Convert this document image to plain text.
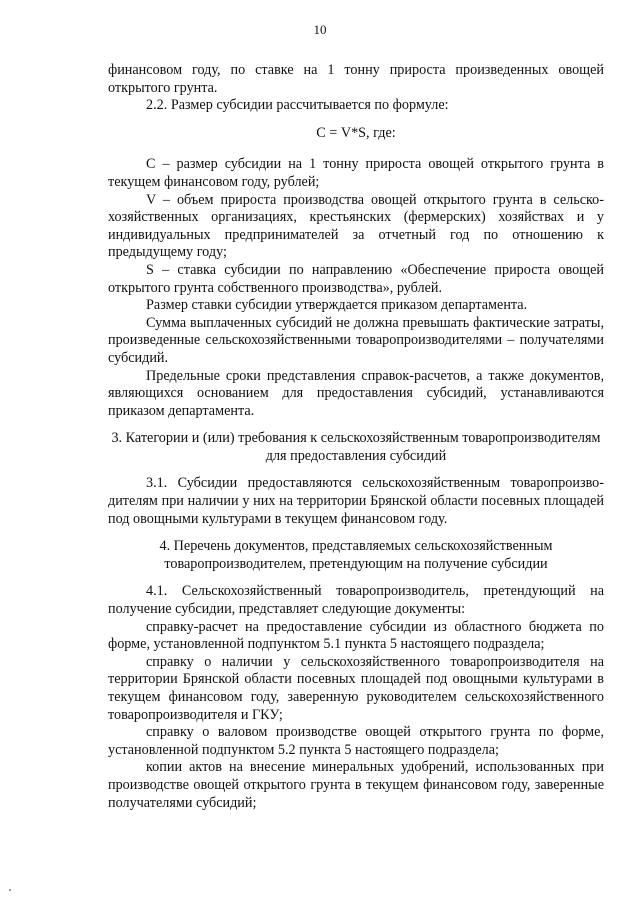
10

финансовом году, по ставке на 1 тонну прироста произведенных овощей открытого грунта.

2.2. Размер субсидии рассчитывается по формуле:

С = V*S, где:

С – размер субсидии на 1 тонну прироста овощей открытого грунта в текущем финансовом году, рублей;

V – объем прироста производства овощей открытого грунта в сельско-хозяйственных организациях, крестьянских (фермерских) хозяйствах и у индивидуальных предпринимателей за отчетный год по отношению к предыдущему году;

S – ставка субсидии по направлению «Обеспечение прироста овощей открытого грунта собственного производства», рублей.

Размер ставки субсидии утверждается приказом департамента.

Сумма выплаченных субсидий не должна превышать фактические затраты, произведенные сельскохозяйственными товаропроизводителями – получателями субсидий.

Предельные сроки представления справок-расчетов, а также документов, являющихся основанием для предоставления субсидий, устанавливаются приказом департамента.

3. Категории и (или) требования к сельскохозяйственным товаропроизводителям для предоставления субсидий

3.1. Субсидии предоставляются сельскохозяйственным товаропроизво-дителям при наличии у них на территории Брянской области посевных площадей под овощными культурами в текущем финансовом году.

4. Перечень документов, представляемых сельскохозяйственным товаропроизводителем, претендующим на получение субсидии

4.1. Сельскохозяйственный товаропроизводитель, претендующий на получение субсидии, представляет следующие документы:

справку-расчет на предоставление субсидии из областного бюджета по форме, установленной подпунктом 5.1 пункта 5 настоящего подраздела;

справку о наличии у сельскохозяйственного товаропроизводителя на территории Брянской области посевных площадей под овощными культурами в текущем финансовом году, заверенную руководителем сельскохозяйственного товаропроизводителя и ГКУ;

справку о валовом производстве овощей открытого грунта по форме, установленной подпунктом 5.2 пункта 5 настоящего подраздела;

копии актов на внесение минеральных удобрений, использованных при производстве овощей открытого грунта в текущем финансовом году, заверенные получателями субсидий;
